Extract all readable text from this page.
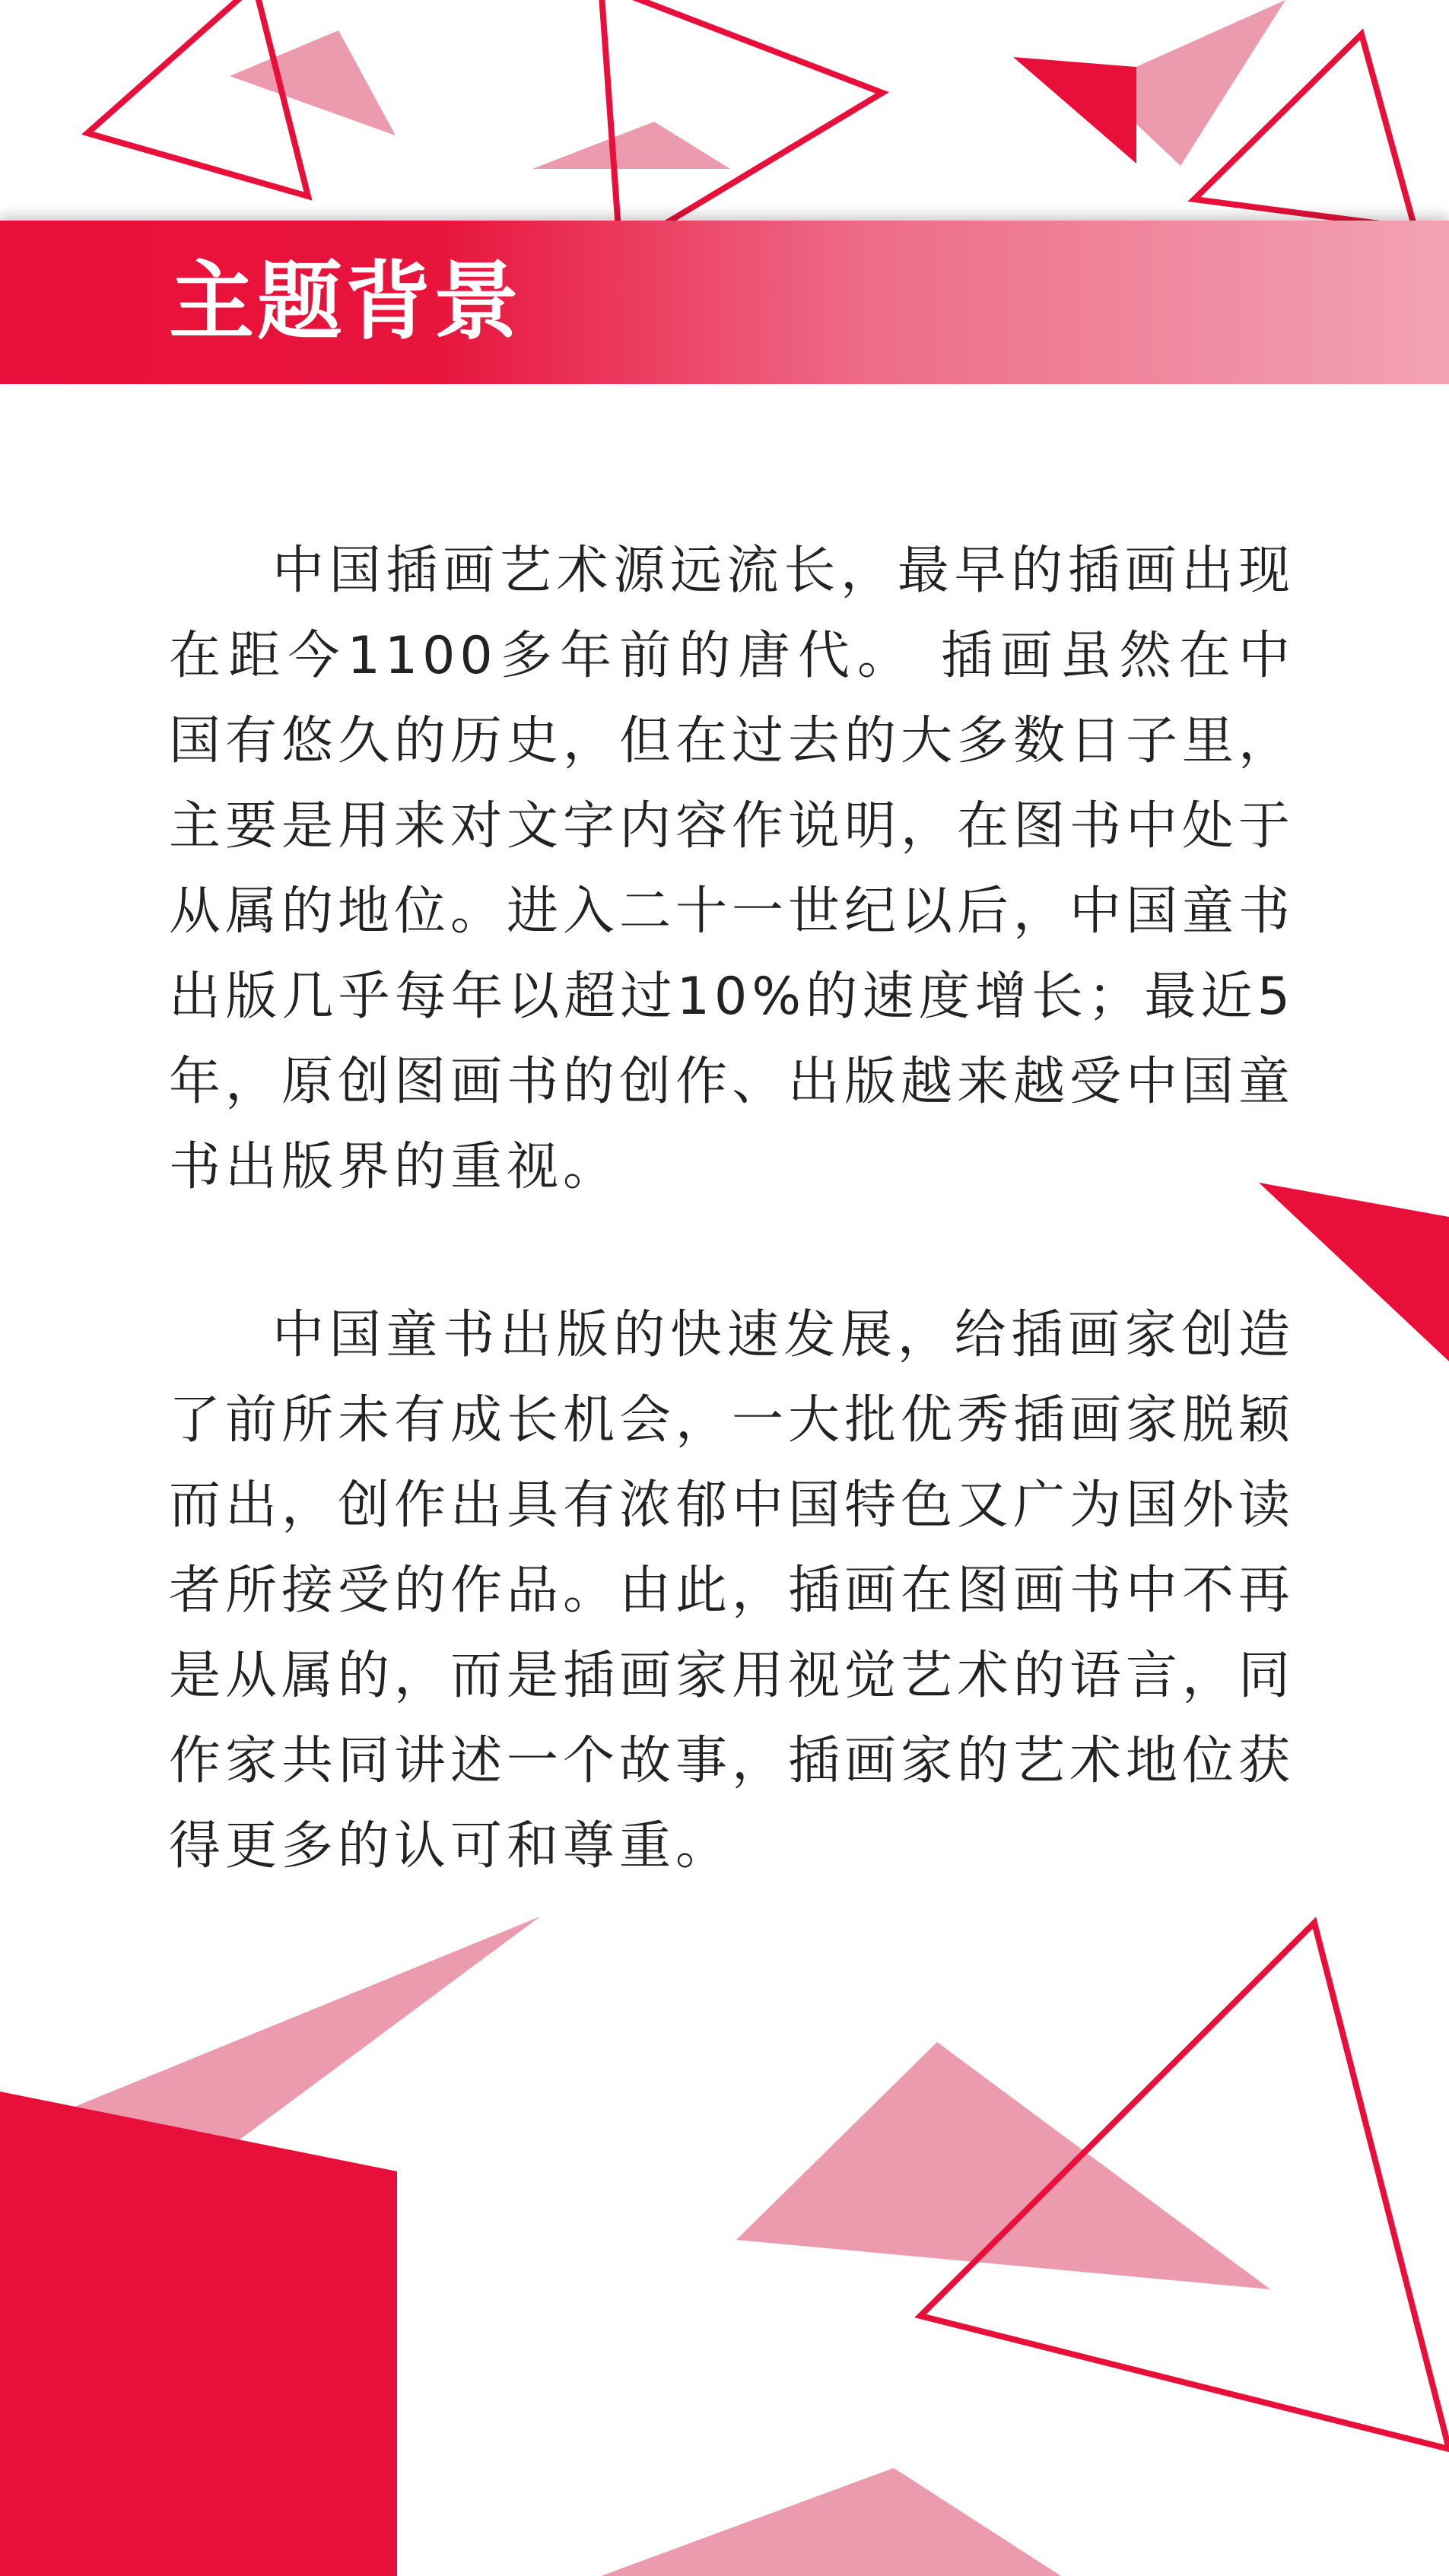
主题背景

中国插画艺术源远流长，最早的插画出现在距今1100多年前的唐代。 插画虽然在中国有悠久的历史，但在过去的大多数日子里，主要是用来对文字内容作说明，在图书中处于从属的地位。进入二十一世纪以后，中国童书出版几乎每年以超过10%的速度增长；最近5年，原创图画书的创作、出版越来越受中国童书出版界的重视。

中国童书出版的快速发展，给插画家创造了前所未有成长机会，一大批优秀插画家脱颖而出，创作出具有浓郁中国特色又广为国外读者所接受的作品。由此，插画在图画书中不再是从属的，而是插画家用视觉艺术的语言，同作家共同讲述一个故事，插画家的艺术地位获得更多的认可和尊重。
